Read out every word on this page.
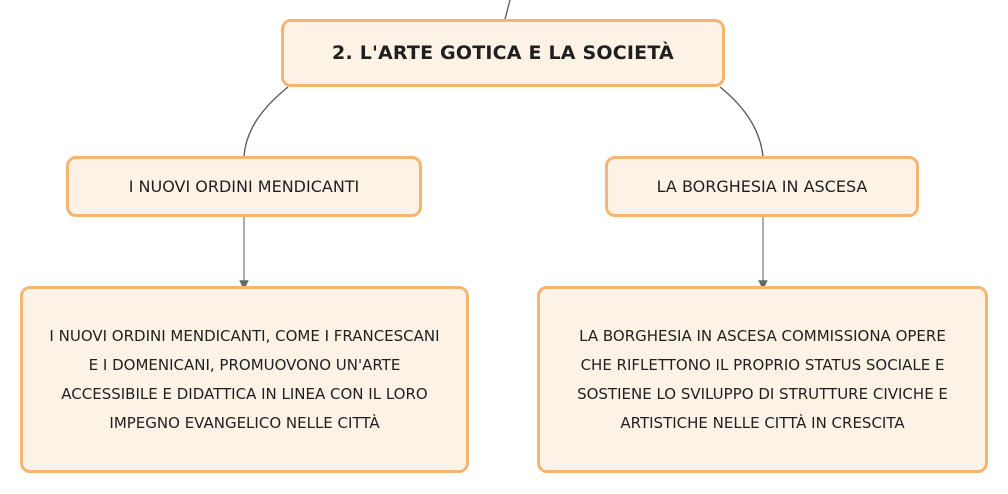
2. L'ARTE GOTICA E LA SOCIETÀ
I NUOVI ORDINI MENDICANTI	LA BORGHESIA IN ASCESA
I NUOVI ORDINI MENDICANTI, COME I FRANCESCANI E I DOMENICANI, PROMUOVONO UN'ARTE ACCESSIBILE E DIDATTICA IN LINEA CON IL LORO IMPEGNO EVANGELICO NELLE CITTÀ
LA BORGHESIA IN ASCESA COMMISSIONA OPERE CHE RIFLETTONO IL PROPRIO STATUS SOCIALE E SOSTIENE LO SVILUPPO DI STRUTTURE CIVICHE E ARTISTICHE NELLE CITTÀ IN CRESCITA
